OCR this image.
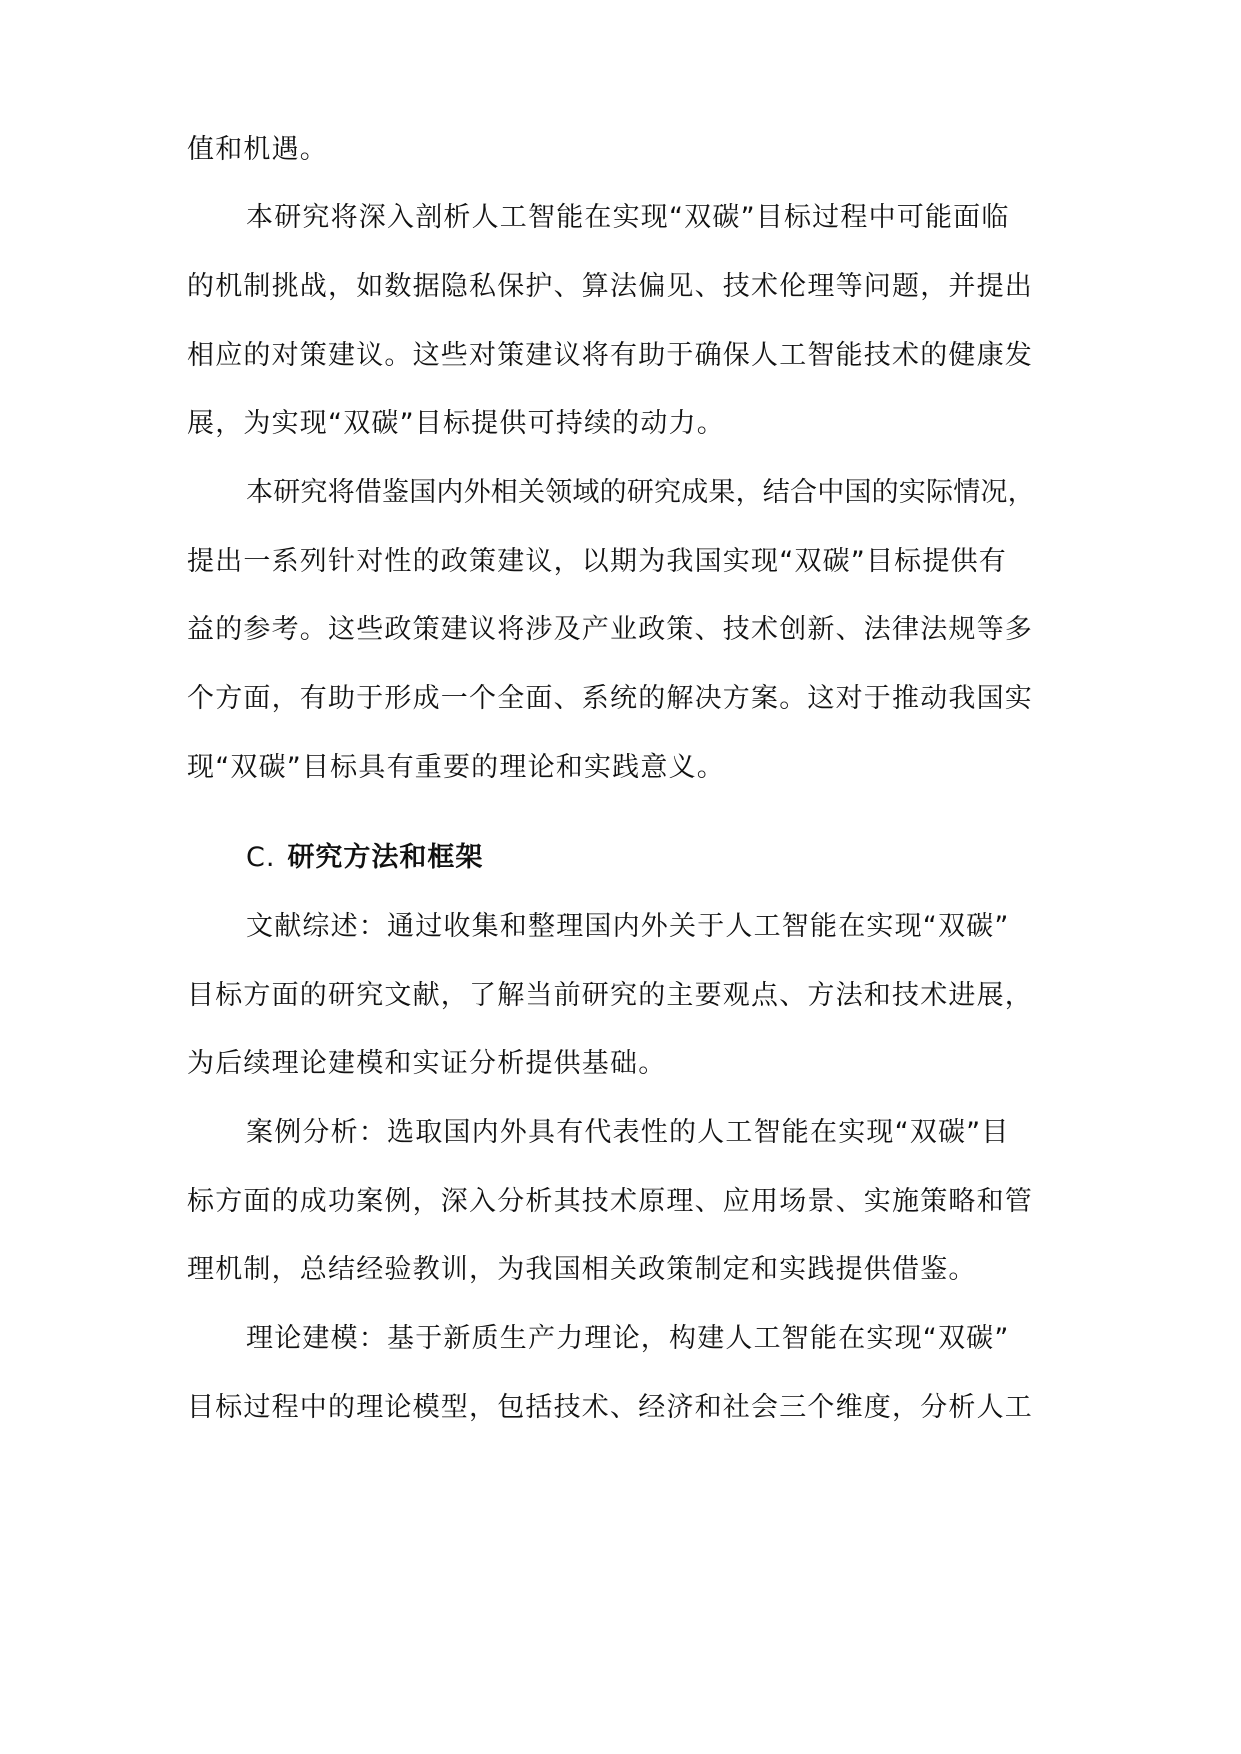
值和机遇。
本研究将深入剖析人工智能在实现“双碳”目标过程中可能面临
的机制挑战，如数据隐私保护、算法偏见、技术伦理等问题，并提出
相应的对策建议。这些对策建议将有助于确保人工智能技术的健康发
展，为实现“双碳”目标提供可持续的动力。
本研究将借鉴国内外相关领域的研究成果，结合中国的实际情况，
提出一系列针对性的政策建议，以期为我国实现“双碳”目标提供有
益的参考。这些政策建议将涉及产业政策、技术创新、法律法规等多
个方面，有助于形成一个全面、系统的解决方案。这对于推动我国实
现“双碳”目标具有重要的理论和实践意义。
C. 研究方法和框架
文献综述：通过收集和整理国内外关于人工智能在实现“双碳”
目标方面的研究文献，了解当前研究的主要观点、方法和技术进展，
为后续理论建模和实证分析提供基础。
案例分析：选取国内外具有代表性的人工智能在实现“双碳”目
标方面的成功案例，深入分析其技术原理、应用场景、实施策略和管
理机制，总结经验教训，为我国相关政策制定和实践提供借鉴。
理论建模：基于新质生产力理论，构建人工智能在实现“双碳”
目标过程中的理论模型，包括技术、经济和社会三个维度，分析人工
